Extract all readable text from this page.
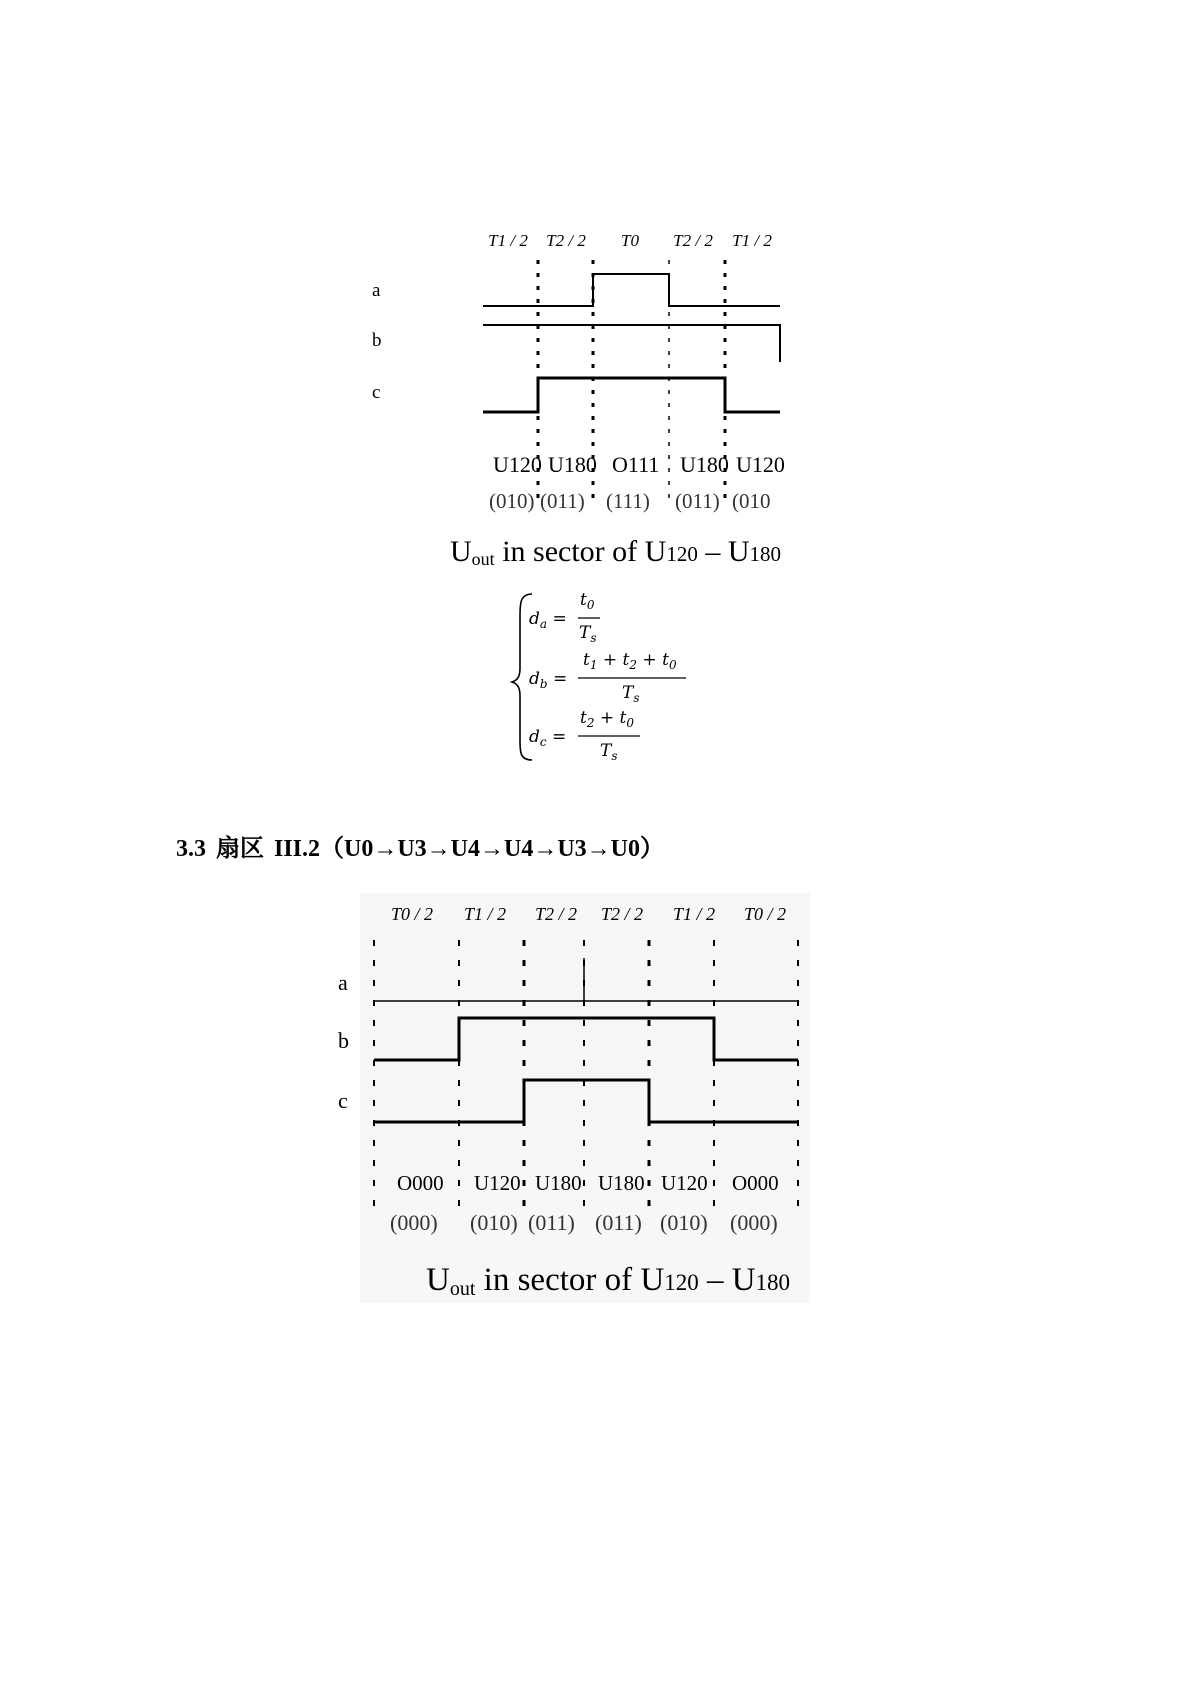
T1 / 2 T2 / 2 T0 T2 / 2 T1 / 2
a
b
c
U120 U180 O111 U180 U120
(010) (011) (111) (011) (010
Uout in sector of U120 – U180
$d_a$ =
$t_0$
$T_s$
$d_b$ =
$t_1 + t_2 + t_0$
$T_s$
$d_c$ =
$t_2 + t_0$
$T_s$
T0 / 2 T1 / 2 T2 / 2 T2 / 2 T1 / 2 T0 / 2
a
b
c
O000 U120 U180 U180 U120 O000
(000) (010) (011) (011) (010) (000)
Uout in sector of U120 – U180
3.3 扇区 III.2（U0→U3→U4→U4→U3→U0）
